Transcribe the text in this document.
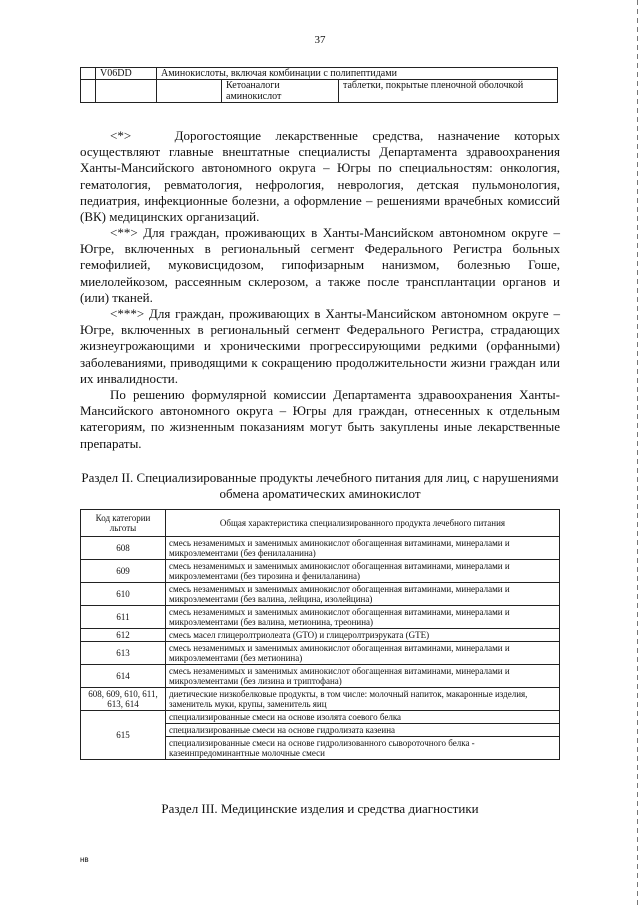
37
	V06DD	Аминокислоты, включая комбинации с полипептидами		
			Кетоаналоги аминокислот	таблетки, покрытые пленочной оболочкой

<*>	Дорогостоящие лекарственные средства, назначение которых осуществляют главные внештатные специалисты Департамента здравоохранения Ханты-Мансийского автономного округа – Югры по специальностям: онкология, гематология, ревматология, нефрология, неврология, детская пульмонология, педиатрия, инфекционные болезни, а оформление – решениями врачебных комиссий (ВК) медицинских организаций.

<**> Для граждан, проживающих в Ханты-Мансийском автономном округе – Югре, включенных в региональный сегмент Федерального Регистра больных гемофилией, муковисцидозом, гипофизарным нанизмом, болезнью Гоше, миелолейкозом, рассеянным склерозом, а также после трансплантации органов и (или) тканей.

<***> Для граждан, проживающих в Ханты-Мансийском автономном округе – Югре, включенных в региональный сегмент Федерального Регистра, страдающих жизнеугрожающими и хроническими прогрессирующими редкими (орфанными) заболеваниями, приводящими к сокращению продолжительности жизни граждан или их инвалидности.

По решению формулярной комиссии Департамента здравоохранения Ханты-Мансийского автономного округа – Югры для граждан, отнесенных к отдельным категориям, по жизненным показаниям могут быть закуплены иные лекарственные препараты.

Раздел II. Специализированные продукты лечебного питания для лиц, с нарушениями обмена ароматических аминокислот

Код категории льготы	Общая характеристика специализированного продукта лечебного питания
608	смесь незаменимых и заменимых аминокислот обогащенная витаминами, минералами и микроэлементами (без фенилаланина)
609	смесь незаменимых и заменимых аминокислот обогащенная витаминами, минералами и микроэлементами (без тирозина и фенилаланина)
610	смесь незаменимых и заменимых аминокислот обогащенная витаминами, минералами и микроэлементами (без валина, лейцина, изолейцина)
611	смесь незаменимых и заменимых аминокислот обогащенная витаминами, минералами и микроэлементами (без валина, метионина, треонина)
612	смесь масел глицеролтриолеата (GTO) и глицеролтриэруката (GTE)
613	смесь незаменимых и заменимых аминокислот обогащенная витаминами, минералами и микроэлементами (без метионина)
614	смесь незаменимых и заменимых аминокислот обогащенная витаминами, минералами и микроэлементами (без лизина и триптофана)
608, 609, 610, 611, 613, 614	диетические низкобелковые продукты, в том числе: молочный напиток, макаронные изделия, заменитель муки, крупы, заменитель яиц
615	специализированные смеси на основе изолята соевого белка
	специализированные смеси на основе гидролизата казеина
	специализированные смеси на основе гидролизованного сывороточного белка - казеинпредоминантные молочные смеси

Раздел III. Медицинские изделия и средства диагностики

нв
